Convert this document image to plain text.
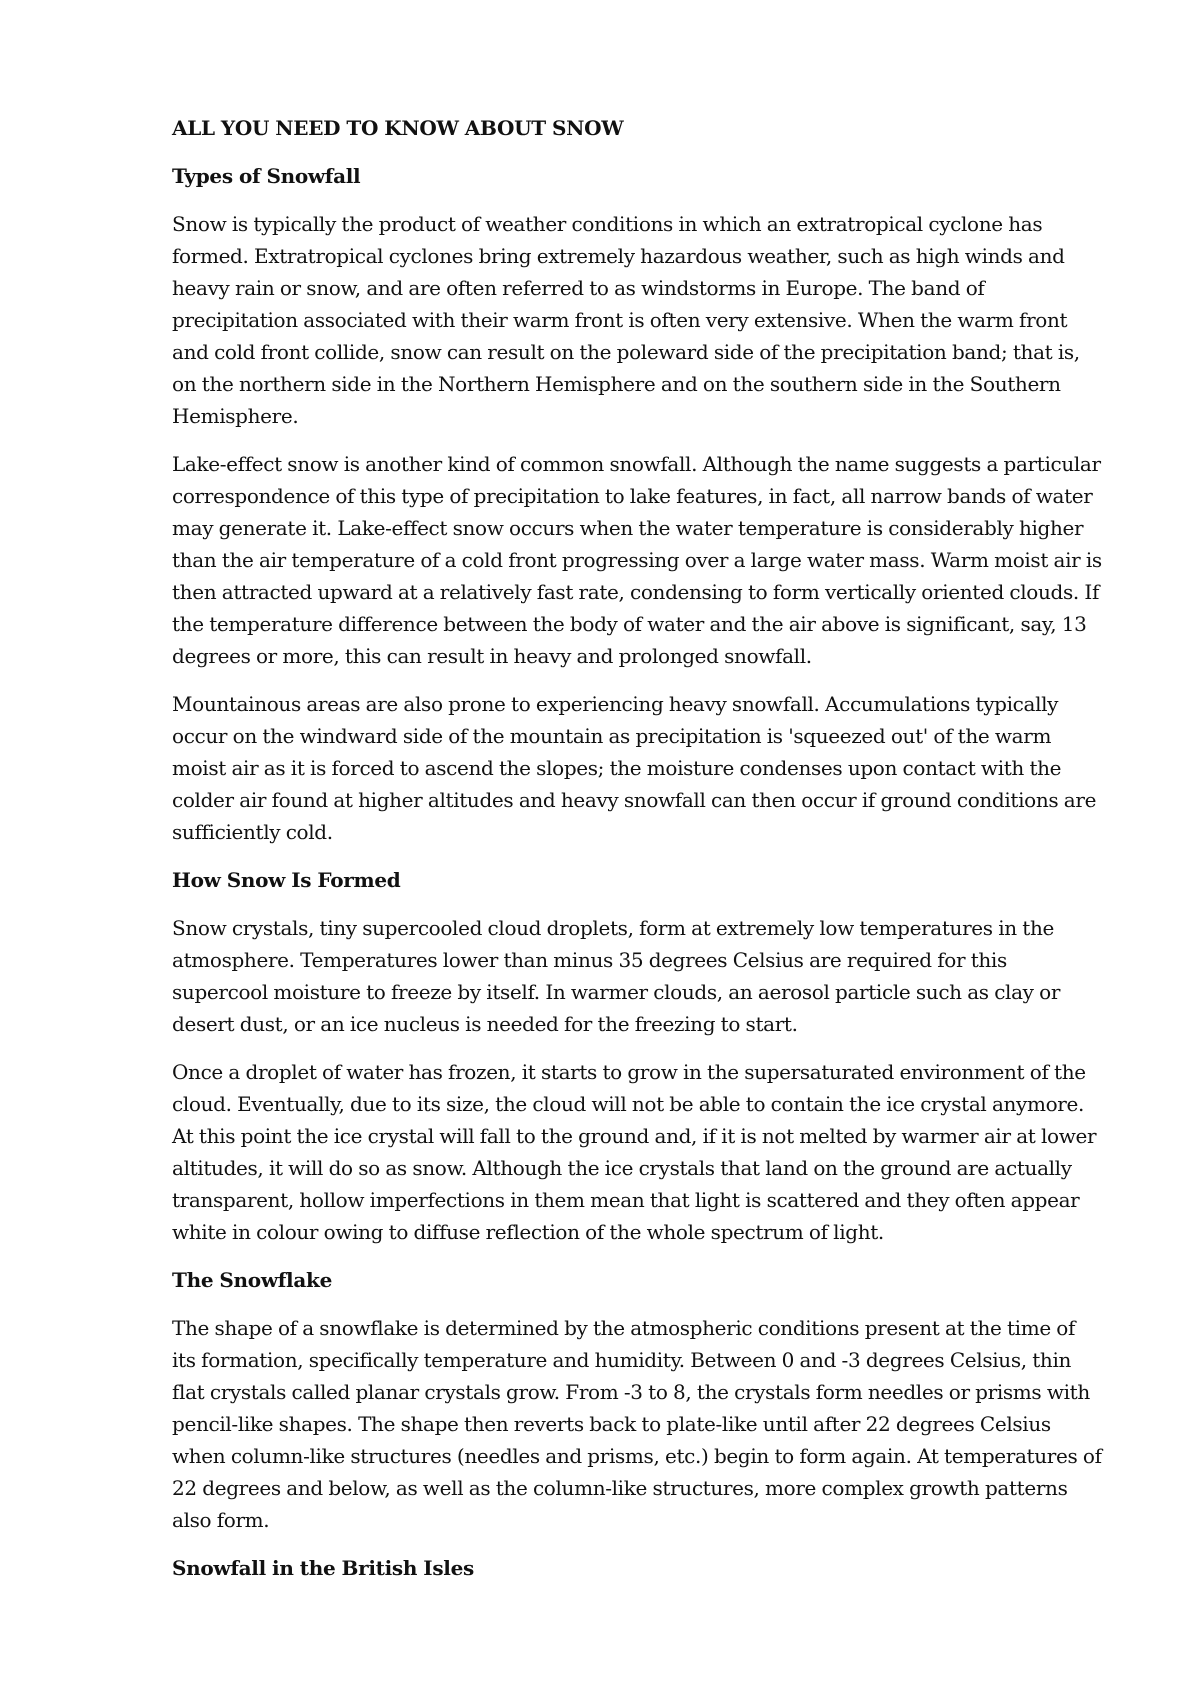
ALL YOU NEED TO KNOW ABOUT SNOW
Types of Snowfall

Snow is typically the product of weather conditions in which an extratropical cyclone has formed. Extratropical cyclones bring extremely hazardous weather, such as high winds and heavy rain or snow, and are often referred to as windstorms in Europe. The band of precipitation associated with their warm front is often very extensive. When the warm front and cold front collide, snow can result on the poleward side of the precipitation band; that is, on the northern side in the Northern Hemisphere and on the southern side in the Southern Hemisphere.

Lake-effect snow is another kind of common snowfall. Although the name suggests a particular correspondence of this type of precipitation to lake features, in fact, all narrow bands of water may generate it. Lake-effect snow occurs when the water temperature is considerably higher than the air temperature of a cold front progressing over a large water mass. Warm moist air is then attracted upward at a relatively fast rate, condensing to form vertically oriented clouds. If the temperature difference between the body of water and the air above is significant, say, 13 degrees or more, this can result in heavy and prolonged snowfall.

Mountainous areas are also prone to experiencing heavy snowfall. Accumulations typically occur on the windward side of the mountain as precipitation is 'squeezed out' of the warm moist air as it is forced to ascend the slopes; the moisture condenses upon contact with the colder air found at higher altitudes and heavy snowfall can then occur if ground conditions are sufficiently cold.

How Snow Is Formed

Snow crystals, tiny supercooled cloud droplets, form at extremely low temperatures in the atmosphere. Temperatures lower than minus 35 degrees Celsius are required for this supercool moisture to freeze by itself. In warmer clouds, an aerosol particle such as clay or desert dust, or an ice nucleus is needed for the freezing to start.

Once a droplet of water has frozen, it starts to grow in the supersaturated environment of the cloud. Eventually, due to its size, the cloud will not be able to contain the ice crystal anymore. At this point the ice crystal will fall to the ground and, if it is not melted by warmer air at lower altitudes, it will do so as snow. Although the ice crystals that land on the ground are actually transparent, hollow imperfections in them mean that light is scattered and they often appear white in colour owing to diffuse reflection of the whole spectrum of light.

The Snowflake

The shape of a snowflake is determined by the atmospheric conditions present at the time of its formation, specifically temperature and humidity. Between 0 and -3 degrees Celsius, thin flat crystals called planar crystals grow. From -3 to 8, the crystals form needles or prisms with pencil-like shapes. The shape then reverts back to plate-like until after 22 degrees Celsius when column-like structures (needles and prisms, etc.) begin to form again. At temperatures of 22 degrees and below, as well as the column-like structures, more complex growth patterns also form.

Snowfall in the British Isles
